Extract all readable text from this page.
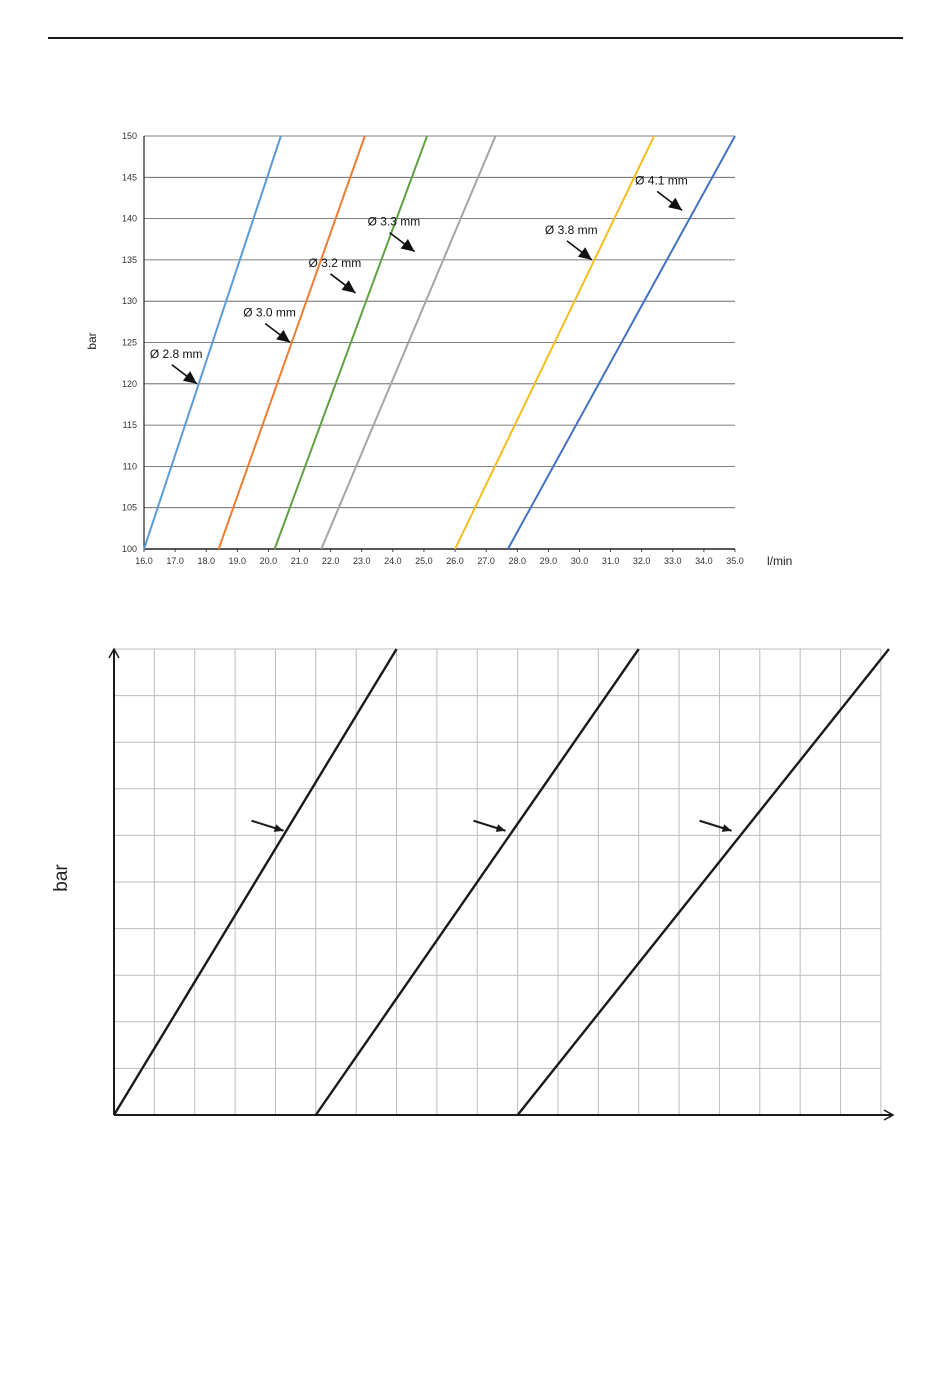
100
105
110
115
120
125
130
135
140
145
150
16.0 17.0 18.0 19.0 20.0 21.0 22.0 23.0 24.0 25.0 26.0 27.0 28.0 29.0 30.0 31.0 32.0 33.0 34.0 35.0 l/min
bar
Ø 2.8 mm
Ø 3.0 mm
Ø 3.2 mm
Ø 3.3 mm
Ø 3.8 mm
Ø 4.1 mm
bar
